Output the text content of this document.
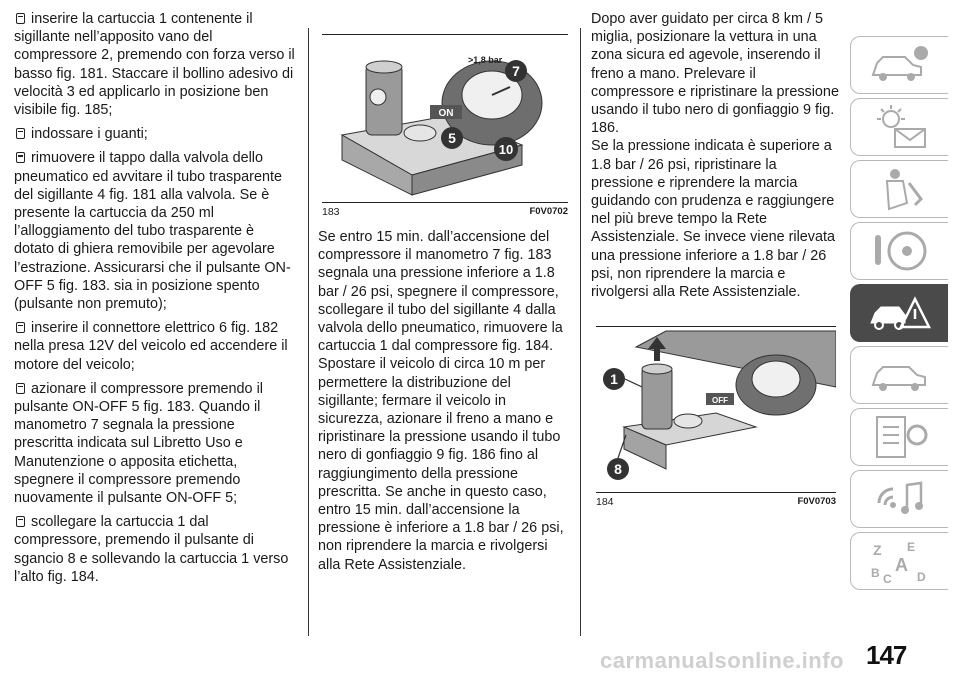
inserire la cartuccia 1 contenente il sigillante nell’apposito vano del compressore 2, premendo con forza verso il basso fig. 181. Staccare il bollino adesivo di velocità 3 ed applicarlo in posizione ben visibile fig. 185;

indossare i guanti;

rimuovere il tappo dalla valvola dello pneumatico ed avvitare il tubo trasparente del sigillante 4 fig. 181 alla valvola. Se è presente la cartuccia da 250 ml l’alloggiamento del tubo trasparente è dotato di ghiera removibile per agevolare l’estrazione. Assicurarsi che il pulsante ON-OFF 5 fig. 183. sia in posizione spento (pulsante non premuto);

inserire il connettore elettrico 6 fig. 182 nella presa 12V del veicolo ed accendere il motore del veicolo;

azionare il compressore premendo il pulsante ON-OFF 5 fig. 183. Quando il manometro 7 segnala la pressione prescritta indicata sul Libretto Uso e Manutenzione o apposita etichetta, spegnere il compressore premendo nuovamente il pulsante ON-OFF 5;

scollegare la cartuccia 1 dal compressore, premendo il pulsante di sgancio 8 e sollevando la cartuccia 1 verso l’alto fig. 184.

ON
>1,8 bar
7
5
10
183	F0V0702

Se entro 15 min. dall’accensione del compressore il manometro 7 fig. 183 segnala una pressione inferiore a 1.8 bar / 26 psi, spegnere il compressore, scollegare il tubo del sigillante 4 dalla valvola dello pneumatico, rimuovere la cartuccia 1 dal compressore fig. 184. Spostare il veicolo di circa 10 m per permettere la distribuzione del sigillante; fermare il veicolo in sicurezza, azionare il freno a mano e ripristinare la pressione usando il tubo nero di gonfiaggio 9 fig. 186 fino al raggiungimento della pressione prescritta. Se anche in questo caso, entro 15 min. dall’accensione la pressione è inferiore a 1.8 bar / 26 psi, non riprendere la marcia e rivolgersi alla Rete Assistenziale.

Dopo aver guidato per circa 8 km / 5 miglia, posizionare la vettura in una zona sicura ed agevole, inserendo il freno a mano. Prelevare il compressore e ripristinare la pressione usando il tubo nero di gonfiaggio 9 fig. 186.

Se la pressione indicata è superiore a 1.8 bar / 26 psi, ripristinare la pressione e riprendere la marcia guidando con prudenza e raggiungere nel più breve tempo la Rete Assistenziale. Se invece viene rilevata una pressione inferiore a 1.8 bar / 26 psi, non riprendere la marcia e rivolgersi alla Rete Assistenziale.

OFF
1
8
184	F0V0703
Z E
A
B C D
carmanualsonline.info 147
